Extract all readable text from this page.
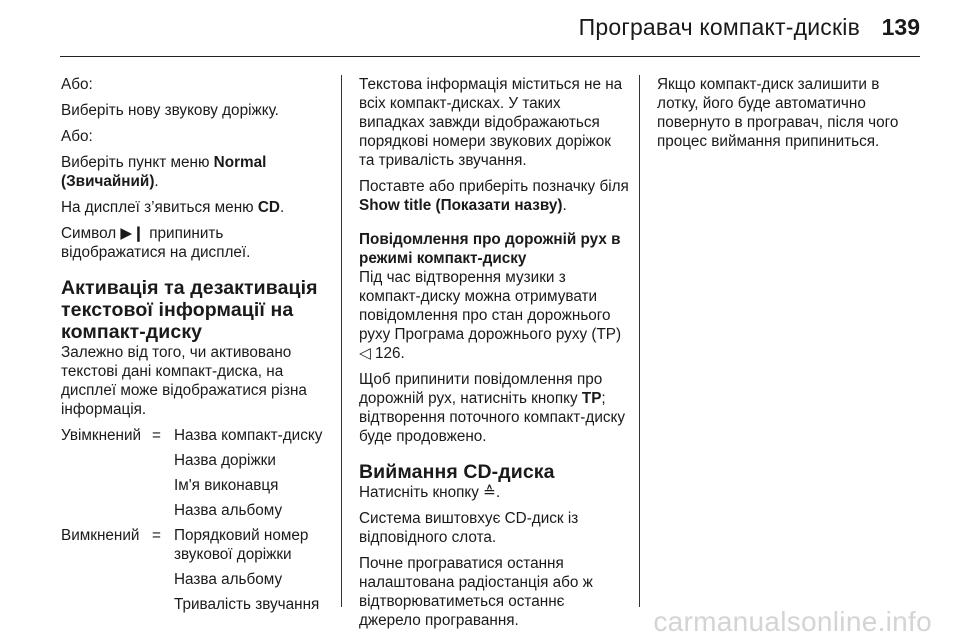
Програвач компакт-дисків 139

Або:

Виберіть нову звукову доріжку.

Або:

Виберіть пункт меню Normal (Звичайний).

На дисплеї з’явиться меню CD.

Символ ▶❙ припинить відображатися на дисплеї.

Активація та дезактивація текстової інформації на компакт-диску

Залежно від того, чи активовано текстові дані компакт-диска, на дисплеї може відображатися різна інформація.

Увімкнений = Назва компакт-диску
Назва доріжки
Ім'я виконавця
Назва альбому
Вимкнений = Порядковий номер звукової доріжки
Назва альбому
Тривалість звучання

Текстова інформація міститься не на всіх компакт-дисках. У таких випадках завжди відображаються порядкові номери звукових доріжок та тривалість звучання.

Поставте або приберіть позначку біля Show title (Показати назву).

Повідомлення про дорожній рух в режимі компакт-диску

Під час відтворення музики з компакт-диску можна отримувати повідомлення про стан дорожнього руху Програма дорожнього руху (TP) ◁ 126.

Щоб припинити повідомлення про дорожній рух, натисніть кнопку TP; відтворення поточного компакт-диску буде продовжено.

Виймання CD-диска

Натисніть кнопку ≙.

Система виштовхує CD-диск із відповідного слота.

Почне програватися остання налаштована радіостанція або ж відтворюватиметься останнє джерело програвання.

Якщо компакт-диск залишити в лотку, його буде автоматично повернуто в програвач, після чого процес виймання припиниться.

carmanualsonline.info
